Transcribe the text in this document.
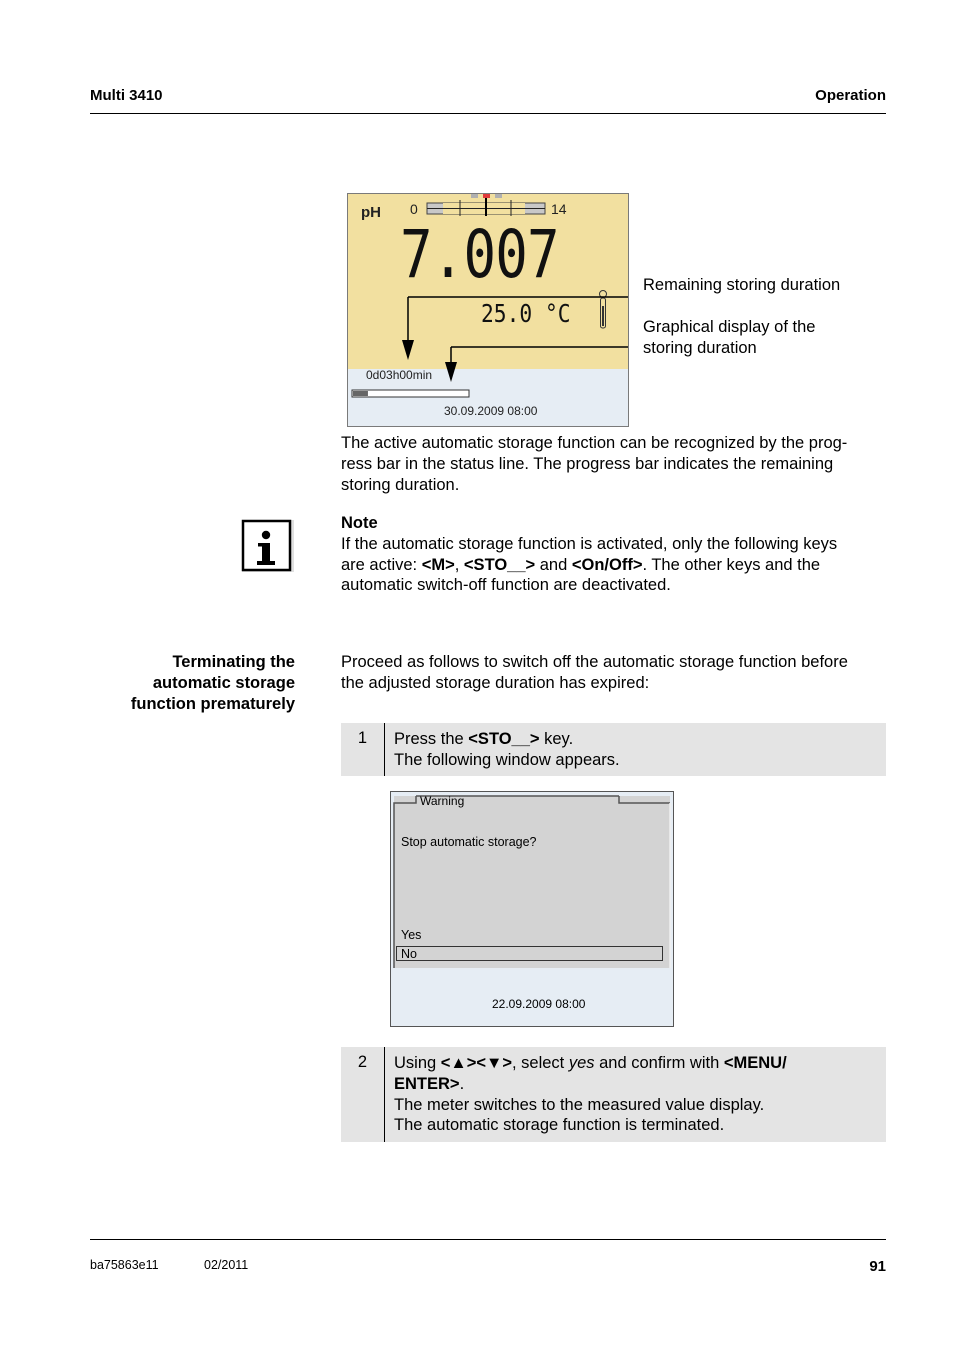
Multi 3410	Operation
pH 0	14
7.007
25.0 °C
0d03h00min
30.09.2009 08:00
Remaining storing duration
Graphical display of the
storing duration
The active automatic storage function can be recognized by the prog-
ress bar in the status line. The progress bar indicates the remaining
storing duration.
Note
If the automatic storage function is activated, only the following keys
are active: <M>, <STO__> and <On/Off>. The other keys and the
automatic switch-off function are deactivated.
Terminating the
automatic storage
function prematurely
Proceed as follows to switch off the automatic storage function before
the adjusted storage duration has expired:
1	Press the <STO__> key.
The following window appears.
Warning
Stop automatic storage?
Yes
No
22.09.2009 08:00
2	Using <▲><▼>, select yes and confirm with <MENU/
ENTER>.
The meter switches to the measured value display.
The automatic storage function is terminated.
ba75863e11	02/2011	91
